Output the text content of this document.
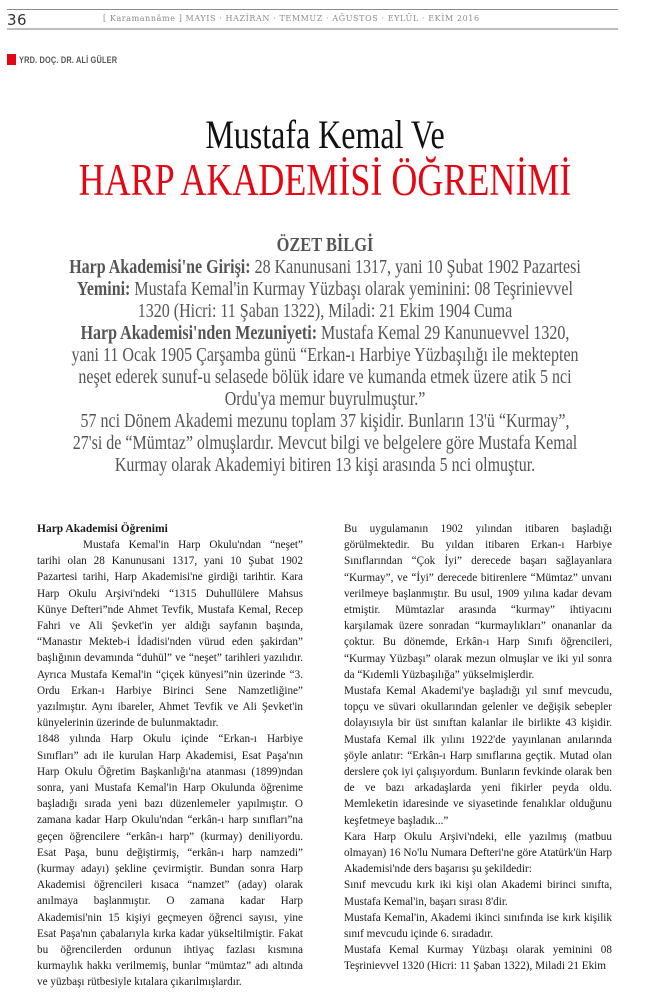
36	[ Karamannâme ] MAYIS · HAZİRAN · TEMMUZ · AĞUSTOS · EYLÜL · EKİM 2016
YRD. DOÇ. DR. ALİ GÜLER
Mustafa Kemal Ve
HARP AKADEMİSİ ÖĞRENİMİ
ÖZET BİLGİ
Harp Akademisi'ne Girişi: 28 Kanunusani 1317, yani 10 Şubat 1902 Pazartesi
Yemini: Mustafa Kemal'in Kurmay Yüzbaşı olarak yeminini: 08 Teşrinievvel
1320 (Hicri: 11 Şaban 1322), Miladi: 21 Ekim 1904 Cuma
Harp Akademisi'nden Mezuniyeti: Mustafa Kemal 29 Kanunuevvel 1320,
yani 11 Ocak 1905 Çarşamba günü “Erkan-ı Harbiye Yüzbaşılığı ile mektepten
neşet ederek sunuf-u selasede bölük idare ve kumanda etmek üzere atik 5 nci
Ordu'ya memur buyrulmuştur.”
57 nci Dönem Akademi mezunu toplam 37 kişidir. Bunların 13'ü “Kurmay”,
27'si de “Mümtaz” olmuşlardır. Mevcut bilgi ve belgelere göre Mustafa Kemal
Kurmay olarak Akademiyi bitiren 13 kişi arasında 5 nci olmuştur.
Harp Akademisi Öğrenimi

Mustafa Kemal'in Harp Okulu'ndan “neşet” tarihi olan 28 Kanunusani 1317, yani 10 Şubat 1902 Pazartesi tarihi, Harp Akademisi'ne girdiği tarihtir. Kara Harp Okulu Arşivi'ndeki “1315 Duhullülere Mahsus Künye Defteri”nde Ahmet Tevfik, Mustafa Kemal, Recep Fahri ve Ali Şevket'in yer aldığı sayfanın başında, “Manastır Mekteb-i İdadisi'nden vürud eden şakirdan” başlığının devamında “duhül” ve “neşet” tarihleri yazılıdır. Ayrıca Mustafa Kemal'in “çiçek künyesi”nin üzerinde “3. Ordu Erkan-ı Harbiye Birinci Sene Namzetliğine” yazılmıştır. Aynı ibareler, Ahmet Tevfik ve Ali Şevket'in künyelerinin üzerinde de bulunmaktadır.

1848 yılında Harp Okulu içinde “Erkan-ı Harbiye Sınıfları” adı ile kurulan Harp Akademisi, Esat Paşa'nın Harp Okulu Öğretim Başkanlığı'na atanması (1899)ndan sonra, yani Mustafa Kemal'in Harp Okulunda öğrenime başladığı sırada yeni bazı düzenlemeler yapılmıştır. O zamana kadar Harp Okulu'ndan “erkân-ı harp sınıfları”na geçen öğrencilere “erkân-ı harp” (kurmay) deniliyordu. Esat Paşa, bunu değiştirmiş, “erkân-ı harp namzedi” (kurmay adayı) şekline çevirmiştir. Bundan sonra Harp Akademisi öğrencileri kısaca “namzet” (aday) olarak anılmaya başlanmıştır. O zamana kadar Harp Akademisi'nin 15 kişiyi geçmeyen öğrenci sayısı, yine Esat Paşa'nın çabalarıyla kırka kadar yükseltilmiştir. Fakat bu öğrencilerden ordunun ihtiyaç fazlası kısmına kurmaylık hakkı verilmemiş, bunlar “mümtaz” adı altında ve yüzbaşı rütbesiyle kıtalara çıkarılmışlardır.

Bu uygulamanın 1902 yılından itibaren başladığı görülmektedir. Bu yıldan itibaren Erkan-ı Harbiye Sınıflarından “Çok İyi” derecede başarı sağlayanlara “Kurmay”, ve “İyi” derecede bitirenlere “Mümtaz” unvanı verilmeye başlanmıştır. Bu usul, 1909 yılına kadar devam etmiştir. Mümtazlar arasında “kurmay” ihtiyacını karşılamak üzere sonradan “kurmaylıkları” onananlar da çoktur. Bu dönemde, Erkân-ı Harp Sınıfı öğrencileri, “Kurmay Yüzbaşı” olarak mezun olmuşlar ve iki yıl sonra da “Kıdemli Yüzbaşılığa” yükselmişlerdir.

Mustafa Kemal Akademi'ye başladığı yıl sınıf mevcudu, topçu ve süvari okullarından gelenler ve değişik sebepler dolayısıyla bir üst sınıftan kalanlar ile birlikte 43 kişidir. Mustafa Kemal ilk yılını 1922'de yayınlanan anılarında şöyle anlatır: “Erkân-ı Harp sınıflarına geçtik. Mutad olan derslere çok iyi çalışıyordum. Bunların fevkinde olarak ben de ve bazı arkadaşlarda yeni fikirler peyda oldu. Memleketin idaresinde ve siyasetinde fenalıklar olduğunu keşfetmeye başladık...”

Kara Harp Okulu Arşivi'ndeki, elle yazılmış (matbuu olmayan) 16 No'lu Numara Defteri'ne göre Atatürk'ün Harp Akademisi'nde ders başarısı şu şekildedir:

Sınıf mevcudu kırk iki kişi olan Akademi birinci sınıfta, Mustafa Kemal'in, başarı sırası 8'dir.

Mustafa Kemal'in, Akademi ikinci sınıfında ise kırk kişilik sınıf mevcudu içinde 6. sıradadır.

Mustafa Kemal Kurmay Yüzbaşı olarak yeminini 08 Teşrinievvel 1320 (Hicri: 11 Şaban 1322), Miladi 21 Ekim
